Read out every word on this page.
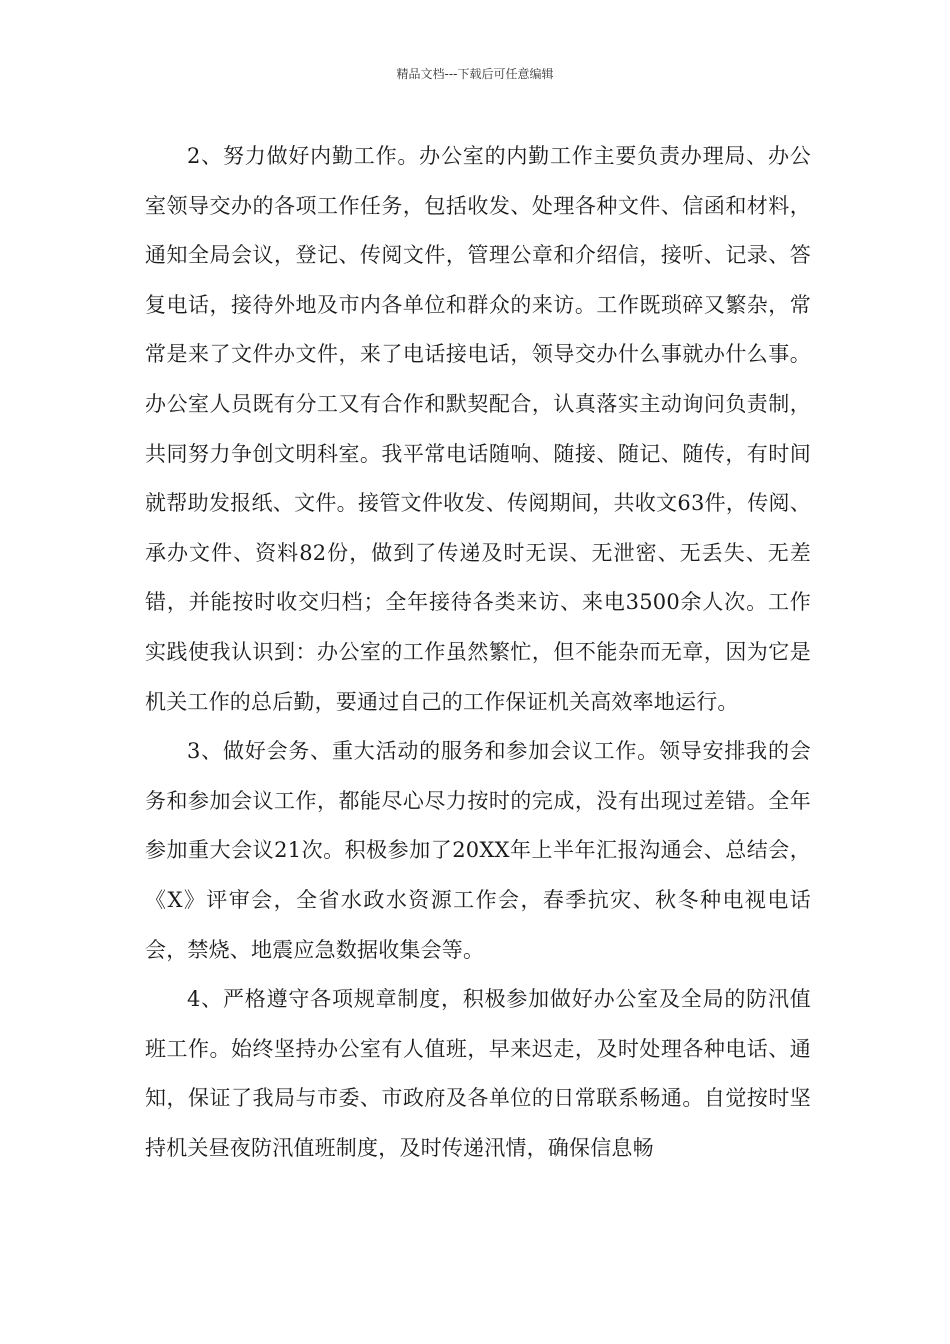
精品文档---下载后可任意编辑

2、努力做好内勤工作。办公室的内勤工作主要负责办理局、办公室领导交办的各项工作任务，包括收发、处理各种文件、信函和材料，通知全局会议，登记、传阅文件，管理公章和介绍信，接听、记录、答复电话，接待外地及市内各单位和群众的来访。工作既琐碎又繁杂，常常是来了文件办文件，来了电话接电话，领导交办什么事就办什么事。办公室人员既有分工又有合作和默契配合，认真落实主动询问负责制，共同努力争创文明科室。我平常电话随响、随接、随记、随传，有时间就帮助发报纸、文件。接管文件收发、传阅期间，共收文63件，传阅、承办文件、资料82份，做到了传递及时无误、无泄密、无丢失、无差错，并能按时收交归档；全年接待各类来访、来电3500余人次。工作实践使我认识到：办公室的工作虽然繁忙，但不能杂而无章，因为它是机关工作的总后勤，要通过自己的工作保证机关高效率地运行。

3、做好会务、重大活动的服务和参加会议工作。领导安排我的会务和参加会议工作，都能尽心尽力按时的完成，没有出现过差错。全年参加重大会议21次。积极参加了20XX年上半年汇报沟通会、总结会，《X》评审会，全省水政水资源工作会，春季抗灾、秋冬种电视电话会，禁烧、地震应急数据收集会等。

4、严格遵守各项规章制度，积极参加做好办公室及全局的防汛值班工作。始终坚持办公室有人值班，早来迟走，及时处理各种电话、通知，保证了我局与市委、市政府及各单位的日常联系畅通。自觉按时坚持机关昼夜防汛值班制度，及时传递汛情，确保信息畅
